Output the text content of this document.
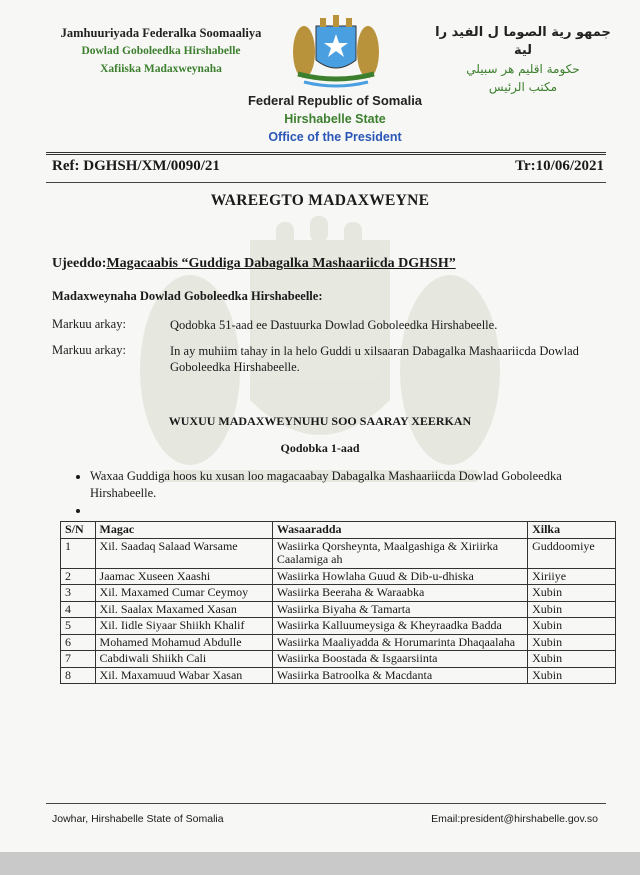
Jamhuuriyada Federalka Soomaaliya
Dowlad Goboleedka Hirshabelle
Xafiiska Madaxweynaha
جمهو رية الصوما ل الفيد را لية
حكومة اقليم هر سبيلي
مكتب الرئيس
Federal Republic of Somalia
Hirshabelle State
Office of the President
Ref: DGHSH/XM/0090/21	Tr:10/06/2021
WAREEGTO MADAXWEYNE
Ujeeddo:Magacaabis “Guddiga Dabagalka Mashaariicda DGHSH”
Madaxweynaha Dowlad Goboleedka Hirshabeelle:
Markuu arkay:	Qodobka 51-aad ee Dastuurka Dowlad Goboleedka Hirshabeelle.
Markuu arkay:	In ay muhiim tahay in la helo Guddi u xilsaaran Dabagalka Mashaariicda Dowlad Goboleedka Hirshabeelle.
WUXUU MADAXWEYNUHU SOO SAARAY XEERKAN
Qodobka 1-aad
• Waxaa Guddiga hoos ku xusan loo magacaabay Dabagalka Mashaariicda Dowlad Goboleedka Hirshabeelle.
•
S/N	Magac	Wasaaradda	Xilka
1	Xil. Saadaq Salaad Warsame	Wasiirka Qorsheynta, Maalgashiga & Xiriirka Caalamiga ah	Guddoomiye
2	Jaamac Xuseen Xaashi	Wasiirka Howlaha Guud & Dib-u-dhiska	Xiriiye
3	Xil. Maxamed Cumar Ceymoy	Wasiirka Beeraha & Waraabka	Xubin
4	Xil. Saalax Maxamed Xasan	Wasiirka Biyaha & Tamarta	Xubin
5	Xil. Iidle Siyaar Shiikh Khalif	Wasiirka Kalluumeysiga & Kheyraadka Badda	Xubin
6	Mohamed Mohamud Abdulle	Wasiirka Maaliyadda & Horumarinta Dhaqaalaha	Xubin
7	Cabdiwali Shiikh Cali	Wasiirka Boostada & Isgaarsiinta	Xubin
8	Xil. Maxamuud Wabar Xasan	Wasiirka Batroolka & Macdanta	Xubin
Jowhar, Hirshabelle State of Somalia	Email:president@hirshabelle.gov.so
